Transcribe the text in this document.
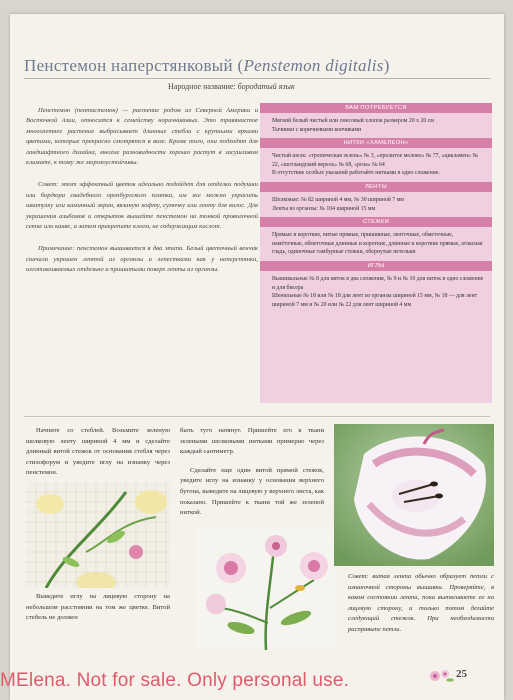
Пенстемон наперстянковый (Penstemon digitalis)
Народное название: бородатый язык

Пенстемон (пентастемон) — растение родом из Северной Америки и Восточной Азии, относится к семейству норичниковых. Это травянистое многолетнее растение выбрасывает длинные стебли с крупными яркими цветами, которые прекрасно смотрятся в вазе. Кроме того, они подходят для ландшафтного дизайна, многие разновидности хорошо растут в засушливом климате, к тому же морозоустойчивы.

Совет: этот эффектный цветок идеально подойдет для отделки подушки или бордюра свадебного оренбургского платка, им же можно украсить шкатулку или каминный экран, вязаную кофту, сумочку или ленту для волос. Для украшения альбомов и открыток вышейте пенстемон на тонкой проволочной сетке или канве, а затем прикрепите клеем, не содержащим кислот.

Примечание: пенстемон вышивается в два этапа. Белый цветочный венчик сначала украшен лентой из органзы и лепестками как у наперстянки, изготавливаемых отдельно и пришитыми поверх ленты из органзы.

ВАМ ПОТРЕБУЕТСЯ
Мягкий белый чистый или смесовый хлопок размером 20 х 20 см
Тычинки с коричневыми кончиками
НИТКИ «ХАМЕЛЕОН»
Чистый шелк: «тропическая зелень» № 3, «пролитое молоко» № 77, «цикламен» № 22, «шотландский вереск» № 68, «роза» № 64
В отсутствие особых указаний работайте нитками в одно сложение.
ЛЕНТЫ
Шелковые: № 82 шириной 4 мм, № 30 шириной 7 мм
Ленты из органзы: № 104 шириной 15 мм
СТЕЖКИ
Прямые и короткие, витые прямые, пришивные, ленточные, обметочные, намёточные, обметочные длинные и короткие, длинные и короткие прямые, атласная гладь, одиночные тамбурные стежки, обернутые петельки
ИГЛЫ
Вышивальные № 8 для ниток в два сложения, № 9 и № 10 для ниток в одно сложение и для бисера
Шенильные № 18 или № 18 для лент из органзы шириной 15 мм, № 18 — для лент шириной 7 мм и № 20 или № 22 для лент шириной 4 мм

Начните со стеблей. Возьмите зеленую шелковую ленту шириной 4 мм и сделайте длинный витой стежок от основания стебля через стилофорум и уведите иглу на изнанку через пенстемон.

Выведите иглу на лицевую сторону на небольшом расстоянии на том же цветке. Витой стебель не должен

быть туго натянут. Пришейте его к ткани зелеными шелковыми нитками примерно через каждый сантиметр.

Сделайте еще один витой прямой стежок, уведите иглу на изнанку у основания верхнего бутона, выведите на лицевую у верхнего листа, как показано. Пришейте к ткани той же зеленой ниткой.

Совет: витая лента обычно образует петли с изнаночной стороны вышивки. Проверяйте, в каком состоянии лента, пока вытягиваете ее на лицевую сторону, и только потом делайте следующий стежок. При необходимости расправьте петли.

25
MElena. Not for sale. Only personal use.
